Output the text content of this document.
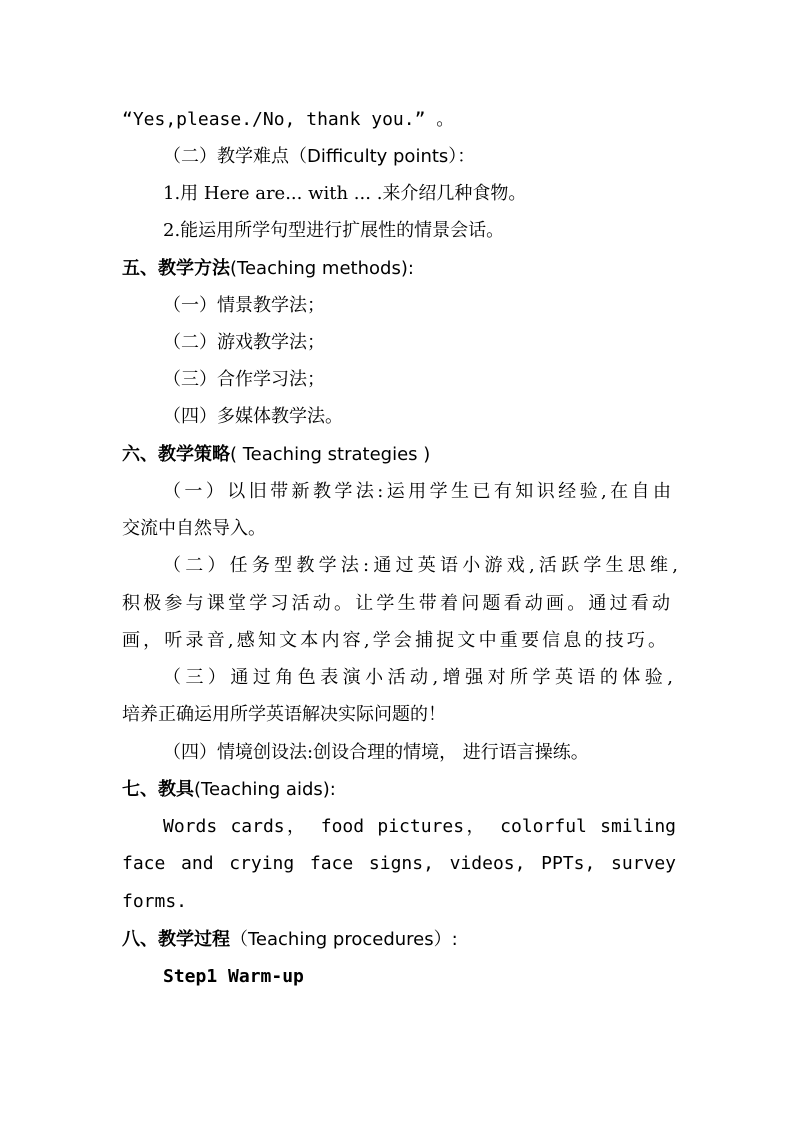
“Yes,please./No, thank you.” 。
（二）教学难点（Difficulty points）：
1.用 Here are... with ... .来介绍几种食物。
2.能运用所学句型进行扩展性的情景会话。
五、教学方法(Teaching methods):
（一）情景教学法；
（二）游戏教学法；
（三）合作学习法；
（四）多媒体教学法。
六、教学策略( Teaching strategies )
（一）以旧带新教学法:运用学生已有知识经验,在自由
交流中自然导入。
（二）任务型教学法:通过英语小游戏,活跃学生思维,
积极参与课堂学习活动。让学生带着问题看动画。通过看动
画，听录音,感知文本内容,学会捕捉文中重要信息的技巧。
（三）通过角色表演小活动,增强对所学英语的体验,
培养正确运用所学英语解决实际问题的！
（四）情境创设法:创设合理的情境， 进行语言操练。
七、教具(Teaching aids):
Words cards， food pictures， colorful smiling
face and crying face signs, videos, PPTs, survey
forms.
八、教学过程（Teaching procedures）:
Step1 Warm-up
